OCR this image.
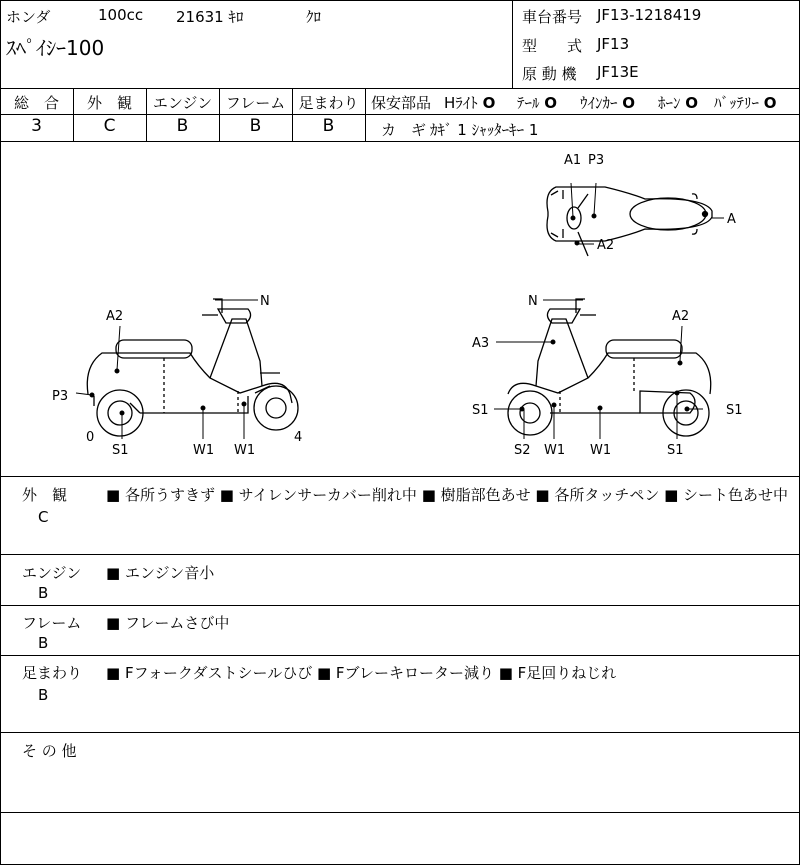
ホンダ	100cc 21631 ｷﾛ	ｸﾛ
ｽﾍﾟｲｼｰ100
車台番号 JF13-1218419
型　　式 JF13
原 動 機 JF13E
総　合	外　観	エンジン フレーム 足まわり
3	C	B	B	B
保安部品 Hﾗｲﾄ O ﾃｰﾙ O ｳｲﾝｶｰ O ﾎｰﾝ O ﾊﾞｯﾃﾘｰ O
カ　ギ ｶｷﾞ 1 ｼｬｯﾀｰｷｰ 1
A1 P3
A
A2
A2
N
P3
0
S1	W1 W1
4
N
A2
A3
S1	S1
S2 W1 W1	S1
外　観
C
■ 各所うすきず ■ サイレンサーカバー削れ中 ■ 樹脂部色あせ ■ 各所タッチペン ■ シート色あせ中
エンジン
B
■ エンジン音小
フレーム
B
■ フレームさび中
足まわり
B
■ Fフォークダストシールひび ■ Fブレーキローター減り ■ F足回りねじれ
そ の 他
